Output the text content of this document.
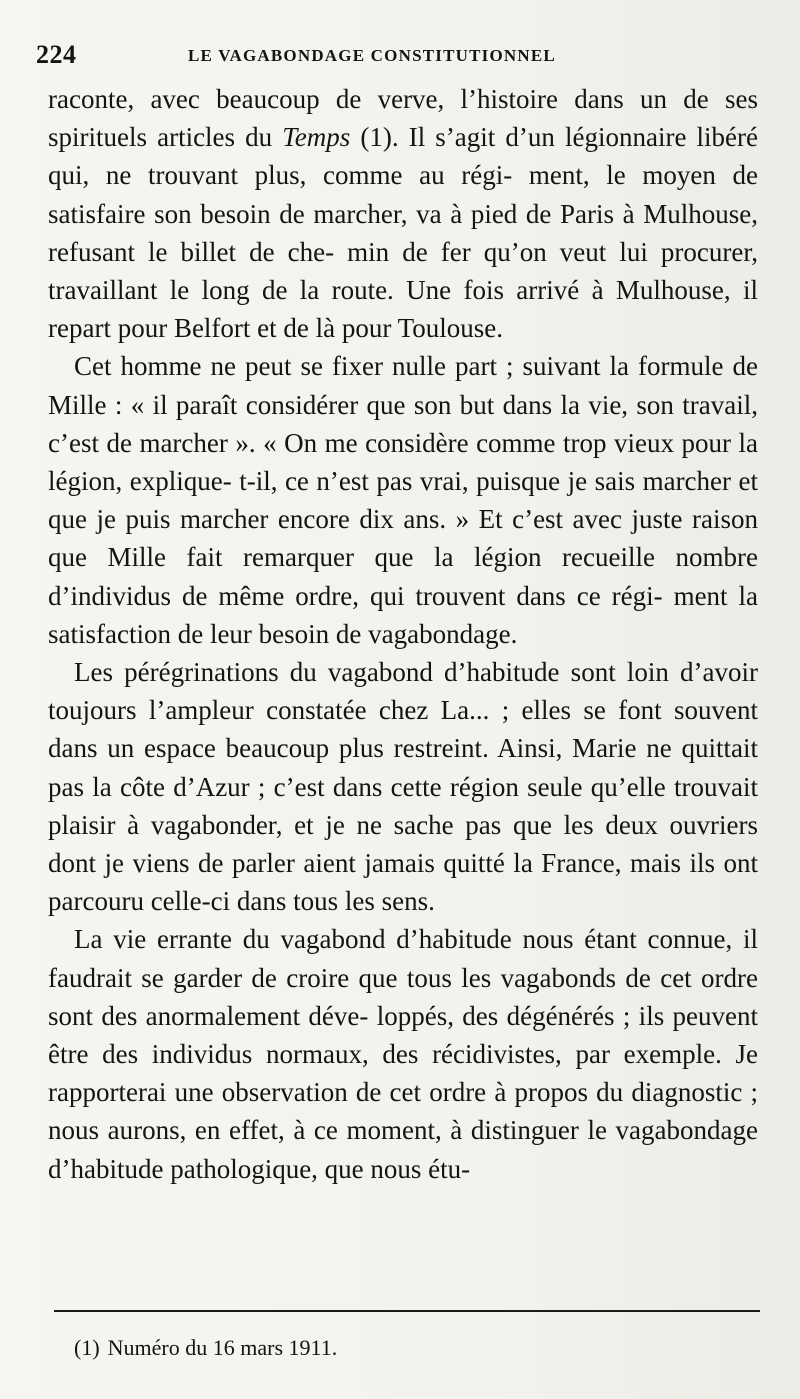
224	LE VAGABONDAGE CONSTITUTIONNEL

raconte, avec beaucoup de verve, l’histoire dans un de ses spirituels articles du Temps (1). Il s’agit d’un légionnaire libéré qui, ne trouvant plus, comme au régi- ment, le moyen de satisfaire son besoin de marcher, va à pied de Paris à Mulhouse, refusant le billet de che- min de fer qu’on veut lui procurer, travaillant le long de la route. Une fois arrivé à Mulhouse, il repart pour Belfort et de là pour Toulouse.

Cet homme ne peut se fixer nulle part ; suivant la formule de Mille : « il paraît considérer que son but dans la vie, son travail, c’est de marcher ». « On me considère comme trop vieux pour la légion, explique- t-il, ce n’est pas vrai, puisque je sais marcher et que je puis marcher encore dix ans. » Et c’est avec juste raison que Mille fait remarquer que la légion recueille nombre d’individus de même ordre, qui trouvent dans ce régi- ment la satisfaction de leur besoin de vagabondage.

Les pérégrinations du vagabond d’habitude sont loin d’avoir toujours l’ampleur constatée chez La... ; elles se font souvent dans un espace beaucoup plus restreint. Ainsi, Marie ne quittait pas la côte d’Azur ; c’est dans cette région seule qu’elle trouvait plaisir à vagabonder, et je ne sache pas que les deux ouvriers dont je viens de parler aient jamais quitté la France, mais ils ont parcouru celle-ci dans tous les sens.

La vie errante du vagabond d’habitude nous étant connue, il faudrait se garder de croire que tous les vagabonds de cet ordre sont des anormalement déve- loppés, des dégénérés ; ils peuvent être des individus normaux, des récidivistes, par exemple. Je rapporterai une observation de cet ordre à propos du diagnostic ; nous aurons, en effet, à ce moment, à distinguer le vagabondage d’habitude pathologique, que nous étu-

(1) Numéro du 16 mars 1911.
